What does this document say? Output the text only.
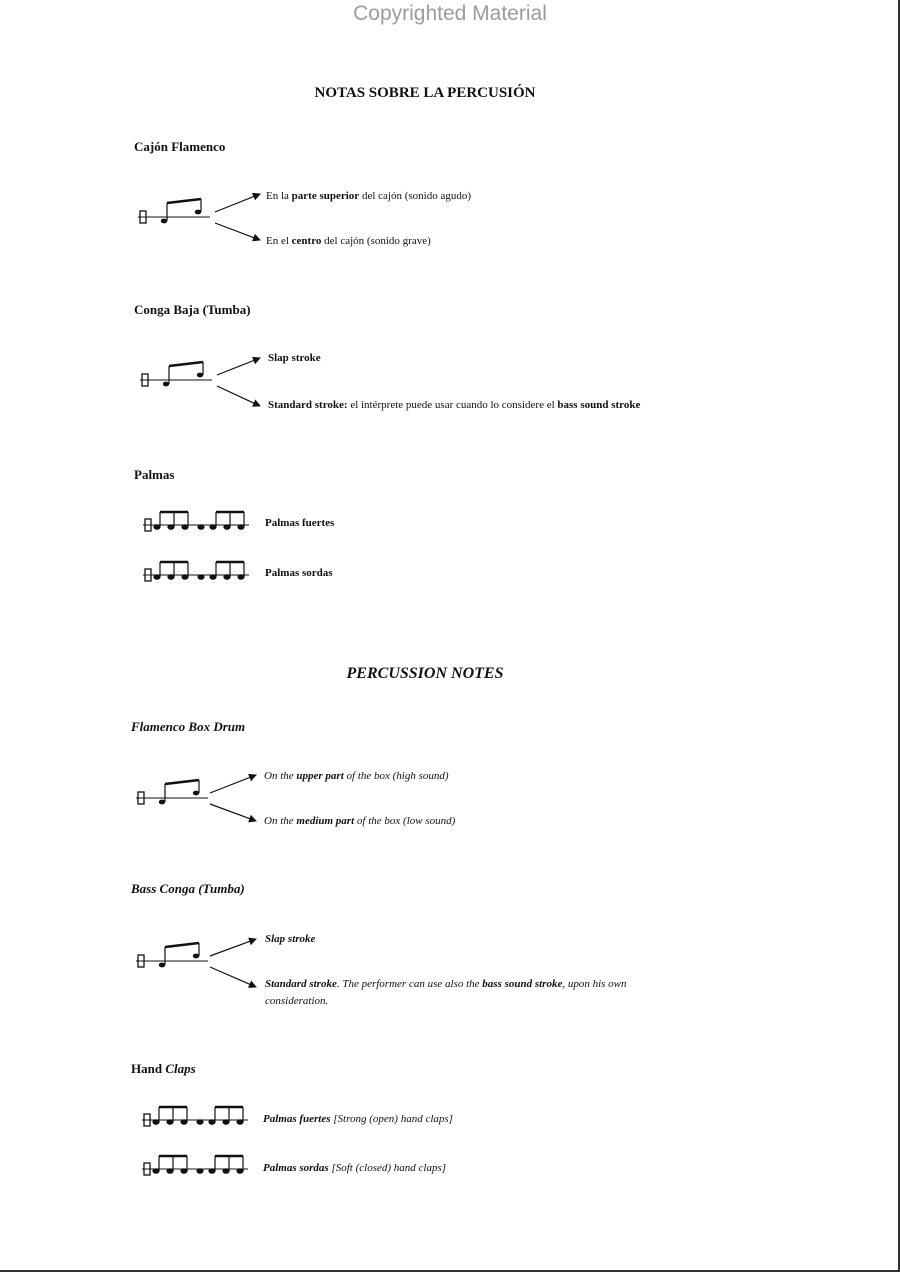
Copyrighted Material
NOTAS SOBRE LA PERCUSIÓN
Cajón Flamenco
En la parte superior del cajón (sonido agudo)
En el centro del cajón (sonido grave)
Conga Baja (Tumba)
Slap stroke
Standard stroke: el intérprete puede usar cuando lo considere el bass sound stroke
Palmas
Palmas fuertes
Palmas sordas
PERCUSSION NOTES
Flamenco Box Drum
On the upper part of the box (high sound)
On the medium part of the box (low sound)
Bass Conga (Tumba)
Slap stroke
Standard stroke. The performer can use also the bass sound stroke, upon his own consideration.
Hand Claps
Palmas fuertes [Strong (open) hand claps]
Palmas sordas [Soft (closed) hand claps]
